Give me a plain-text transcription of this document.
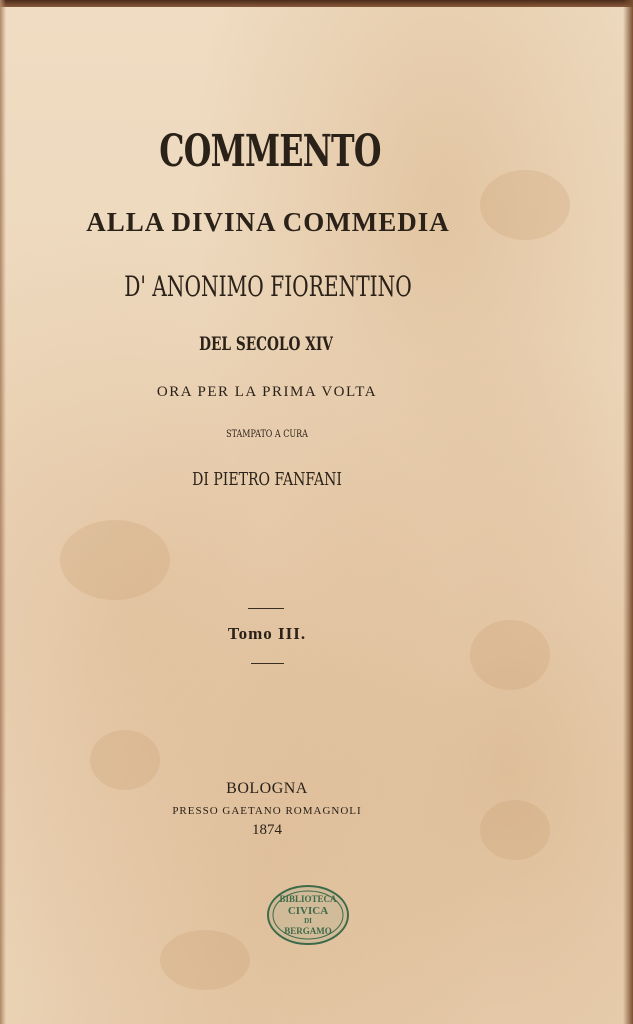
COMMENTO
ALLA DIVINA COMMEDIA
D' ANONIMO FIORENTINO
DEL SECOLO XIV
ORA PER LA PRIMA VOLTA
STAMPATO A CURA
DI PIETRO FANFANI
Tomo III.
BOLOGNA
PRESSO GAETANO ROMAGNOLI
1874
BIBLIOTECA
CIVICA
DI
BERGAMO
